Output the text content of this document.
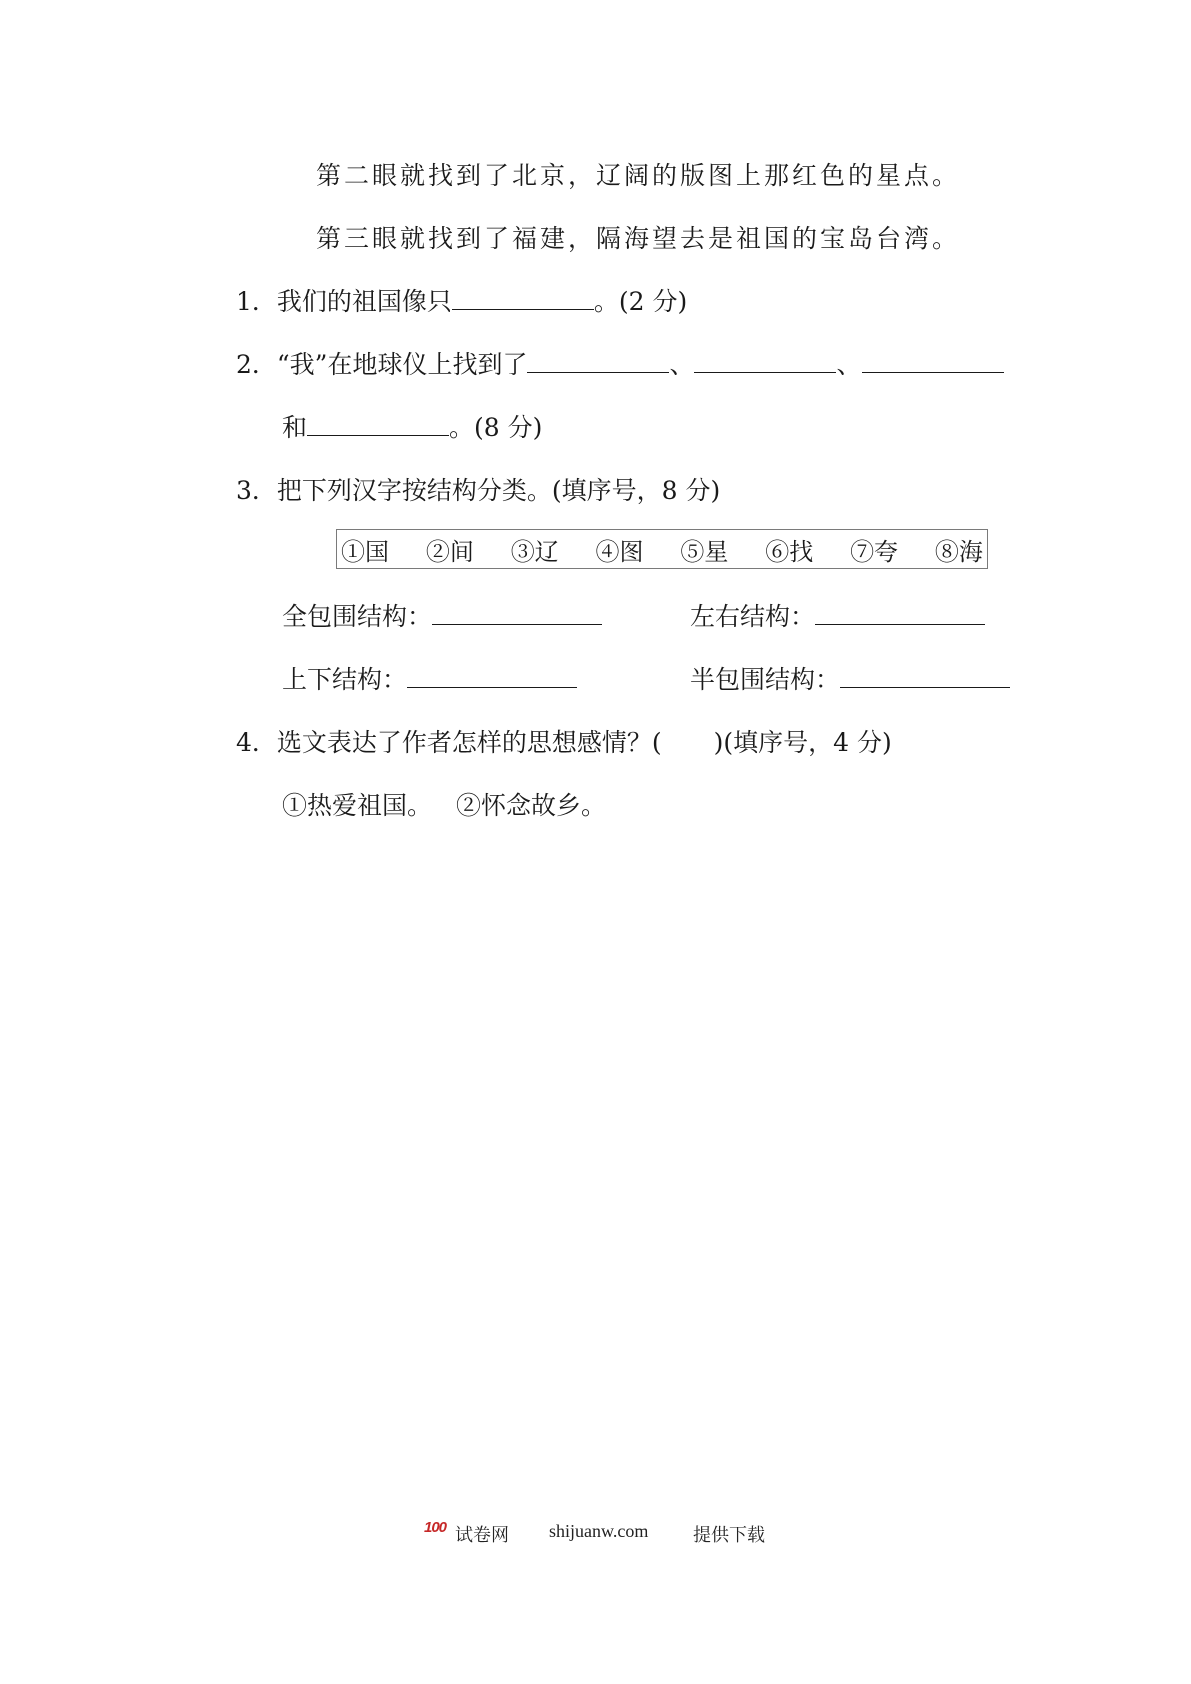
第二眼就找到了北京，辽阔的版图上那红色的星点。
第三眼就找到了福建，隔海望去是祖国的宝岛台湾。
1．我们的祖国像只	。(2 分)
2．“我”在地球仪上找到了	、	、
和	。(8 分)
3．把下列汉字按结构分类。(填序号，8 分)
①国 ②间 ③辽 ④图 ⑤星 ⑥找 ⑦夸 ⑧海
全包围结构：	左右结构：
上下结构：	半包围结构：
4．选文表达了作者怎样的思想感情？( )(填序号，4 分)
①热爱祖国。 ②怀念故乡。
100 试卷网 shijuanw.com 提供下载
